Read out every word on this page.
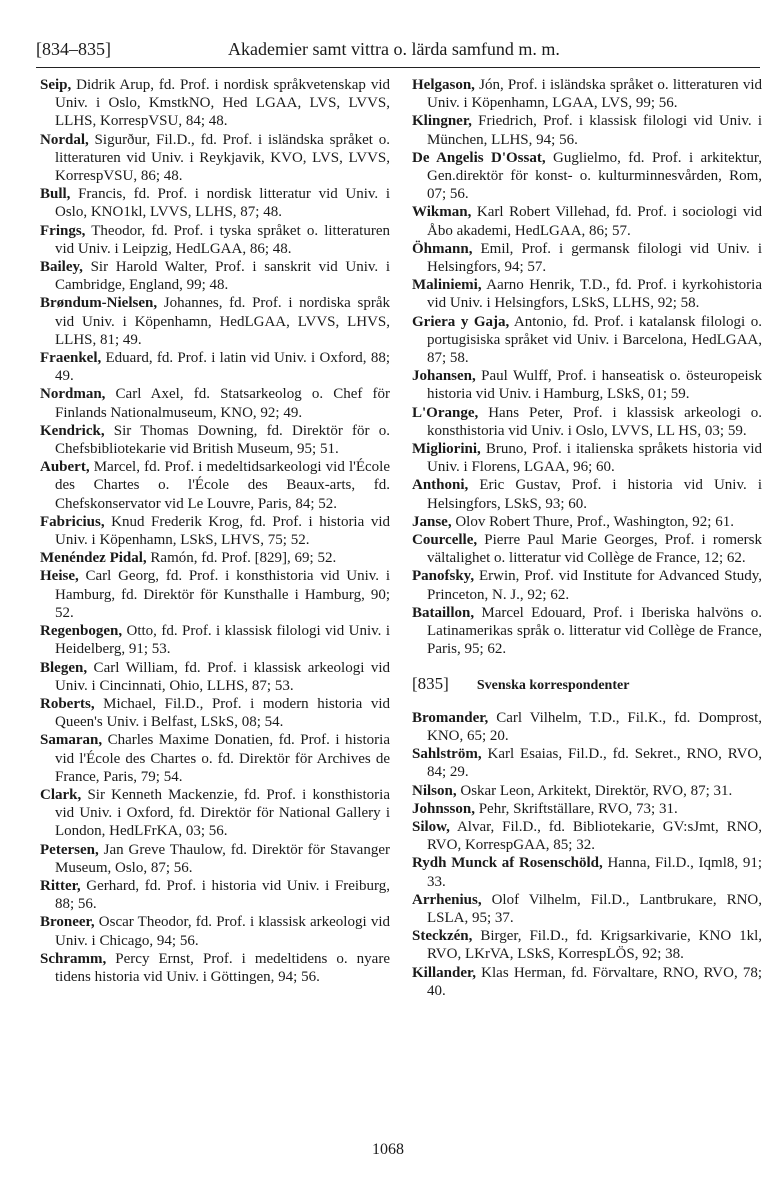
[834–835]	Akademier samt vittra o. lärda samfund m. m.

Seip, Didrik Arup, fd. Prof. i nordisk språkvetenskap vid Univ. i Oslo, KmstkNO, Hed LGAA, LVS, LVVS, LLHS, KorrespVSU, 84; 48.

Nordal, Sigurður, Fil.D., fd. Prof. i isländska språket o. litteraturen vid Univ. i Reykjavik, KVO, LVS, LVVS, KorrespVSU, 86; 48.

Bull, Francis, fd. Prof. i nordisk litteratur vid Univ. i Oslo, KNO1kl, LVVS, LLHS, 87; 48.

Frings, Theodor, fd. Prof. i tyska språket o. litteraturen vid Univ. i Leipzig, HedLGAA, 86; 48.

Bailey, Sir Harold Walter, Prof. i sanskrit vid Univ. i Cambridge, England, 99; 48.

Brøndum-Nielsen, Johannes, fd. Prof. i nordiska språk vid Univ. i Köpenhamn, HedLGAA, LVVS, LHVS, LLHS, 81; 49.

Fraenkel, Eduard, fd. Prof. i latin vid Univ. i Oxford, 88; 49.

Nordman, Carl Axel, fd. Statsarkeolog o. Chef för Finlands Nationalmuseum, KNO, 92; 49.

Kendrick, Sir Thomas Downing, fd. Direktör för o. Chefsbibliotekarie vid British Museum, 95; 51.

Aubert, Marcel, fd. Prof. i medeltidsarkeologi vid l'École des Chartes o. l'École des Beaux-arts, fd. Chefskonservator vid Le Louvre, Paris, 84; 52.

Fabricius, Knud Frederik Krog, fd. Prof. i historia vid Univ. i Köpenhamn, LSkS, LHVS, 75; 52.

Menéndez Pidal, Ramón, fd. Prof. [829], 69; 52.

Heise, Carl Georg, fd. Prof. i konsthistoria vid Univ. i Hamburg, fd. Direktör för Kunsthalle i Hamburg, 90; 52.

Regenbogen, Otto, fd. Prof. i klassisk filologi vid Univ. i Heidelberg, 91; 53.

Blegen, Carl William, fd. Prof. i klassisk arkeologi vid Univ. i Cincinnati, Ohio, LLHS, 87; 53.

Roberts, Michael, Fil.D., Prof. i modern historia vid Queen's Univ. i Belfast, LSkS, 08; 54.

Samaran, Charles Maxime Donatien, fd. Prof. i historia vid l'École des Chartes o. fd. Direktör för Archives de France, Paris, 79; 54.

Clark, Sir Kenneth Mackenzie, fd. Prof. i konsthistoria vid Univ. i Oxford, fd. Direktör för National Gallery i London, HedLFrKA, 03; 56.

Petersen, Jan Greve Thaulow, fd. Direktör för Stavanger Museum, Oslo, 87; 56.

Ritter, Gerhard, fd. Prof. i historia vid Univ. i Freiburg, 88; 56.

Broneer, Oscar Theodor, fd. Prof. i klassisk arkeologi vid Univ. i Chicago, 94; 56.

Schramm, Percy Ernst, Prof. i medeltidens o. nyare tidens historia vid Univ. i Göttingen, 94; 56.

Helgason, Jón, Prof. i isländska språket o. litteraturen vid Univ. i Köpenhamn, LGAA, LVS, 99; 56.

Klingner, Friedrich, Prof. i klassisk filologi vid Univ. i München, LLHS, 94; 56.

De Angelis D'Ossat, Guglielmo, fd. Prof. i arkitektur, Gen.direktör för konst- o. kulturminnesvården, Rom, 07; 56.

Wikman, Karl Robert Villehad, fd. Prof. i sociologi vid Åbo akademi, HedLGAA, 86; 57.

Öhmann, Emil, Prof. i germansk filologi vid Univ. i Helsingfors, 94; 57.

Maliniemi, Aarno Henrik, T.D., fd. Prof. i kyrkohistoria vid Univ. i Helsingfors, LSkS, LLHS, 92; 58.

Griera y Gaja, Antonio, fd. Prof. i katalansk filologi o. portugisiska språket vid Univ. i Barcelona, HedLGAA, 87; 58.

Johansen, Paul Wulff, Prof. i hanseatisk o. östeuropeisk historia vid Univ. i Hamburg, LSkS, 01; 59.

L'Orange, Hans Peter, Prof. i klassisk arkeologi o. konsthistoria vid Univ. i Oslo, LVVS, LL HS, 03; 59.

Migliorini, Bruno, Prof. i italienska språkets historia vid Univ. i Florens, LGAA, 96; 60.

Anthoni, Eric Gustav, Prof. i historia vid Univ. i Helsingfors, LSkS, 93; 60.

Janse, Olov Robert Thure, Prof., Washington, 92; 61.

Courcelle, Pierre Paul Marie Georges, Prof. i romersk vältalighet o. litteratur vid Collège de France, 12; 62.

Panofsky, Erwin, Prof. vid Institute for Advanced Study, Princeton, N. J., 92; 62.

Bataillon, Marcel Edouard, Prof. i Iberiska halvöns o. Latinamerikas språk o. litteratur vid Collège de France, Paris, 95; 62.

[835] Svenska korrespondenter

Bromander, Carl Vilhelm, T.D., Fil.K., fd. Domprost, KNO, 65; 20.

Sahlström, Karl Esaias, Fil.D., fd. Sekret., RNO, RVO, 84; 29.

Nilson, Oskar Leon, Arkitekt, Direktör, RVO, 87; 31.

Johnsson, Pehr, Skriftställare, RVO, 73; 31.

Silow, Alvar, Fil.D., fd. Bibliotekarie, GV:sJmt, RNO, RVO, KorrespGAA, 85; 32.

Rydh Munck af Rosenschöld, Hanna, Fil.D., Iqml8, 91; 33.

Arrhenius, Olof Vilhelm, Fil.D., Lantbrukare, RNO, LSLA, 95; 37.

Steckzén, Birger, Fil.D., fd. Krigsarkivarie, KNO 1kl, RVO, LKrVA, LSkS, KorrespLÖS, 92; 38.

Killander, Klas Herman, fd. Förvaltare, RNO, RVO, 78; 40.

1068
